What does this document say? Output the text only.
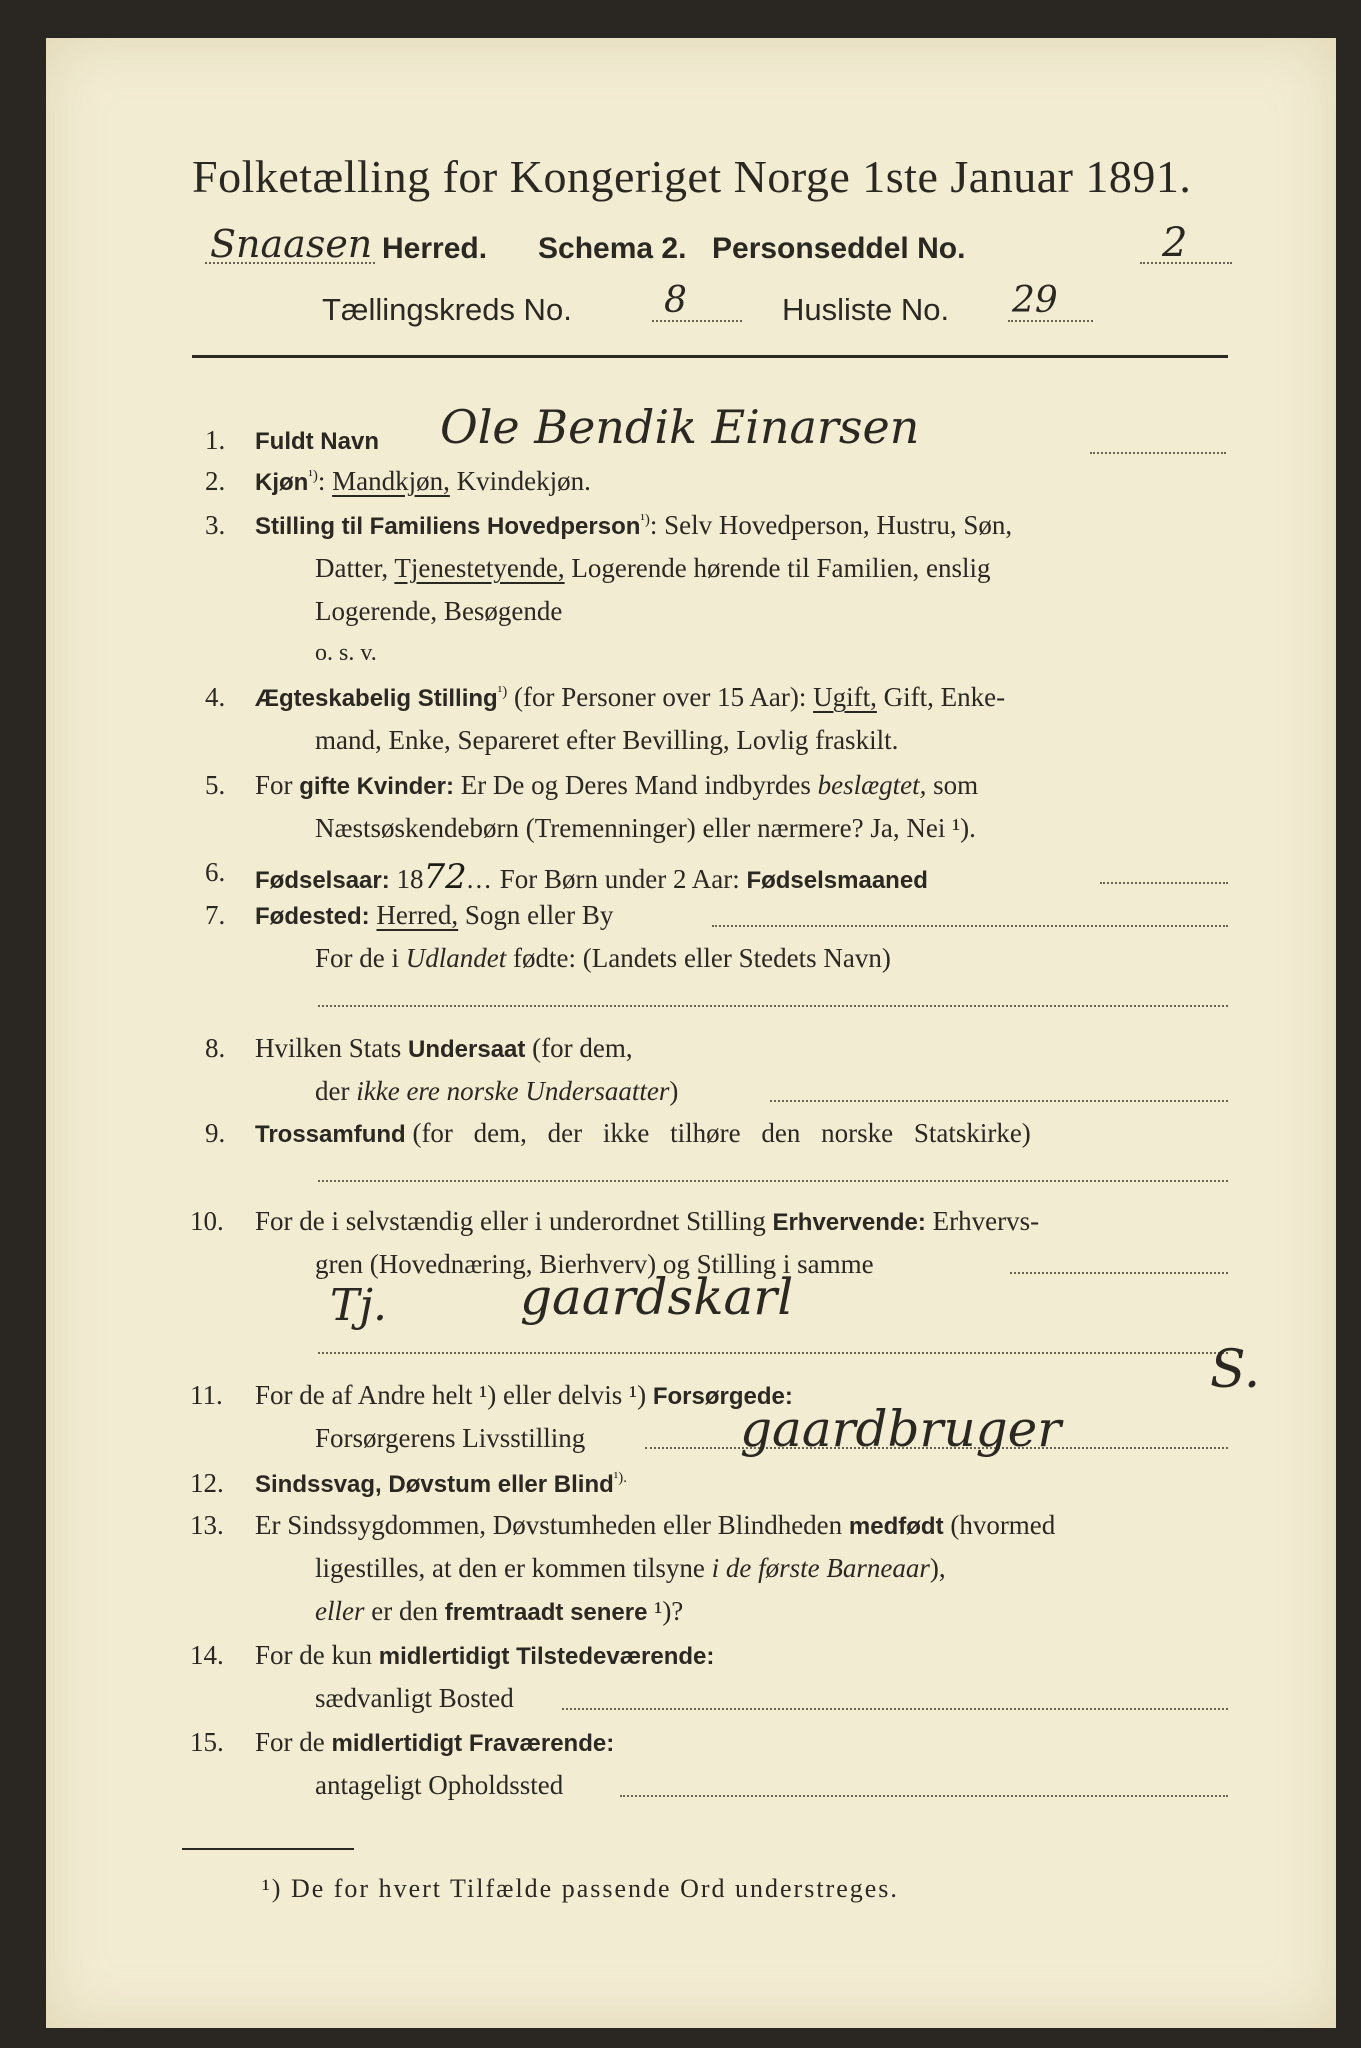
Folketælling for Kongeriget Norge 1ste Januar 1891.
Snaasen Herred. Schema 2. Personseddel No.	2
Tællingskreds No.	8	Husliste No. 29
1. Fuldt Navn Ole Bendik Einarsen
2. Kjøn$^{^1)}$: Mandkjøn, Kvindekjøn.
3. Stilling til Familiens Hovedperson$^{^1)}$: Selv Hovedperson, Hustru, Søn,
Datter, Tjenestetyende, Logerende hørende til Familien, enslig
Logerende, Besøgende
o. s. v.
4. Ægteskabelig Stilling$^{^1)}$ (for Personer over 15 Aar): Ugift, Gift, Enke-
mand, Enke, Separeret efter Bevilling, Lovlig fraskilt.
5. For gifte Kvinder: Er De og Deres Mand indbyrdes beslægtet, som
Næstsøskendebørn (Tremenninger) eller nærmere? Ja, Nei ¹).
6. Fødselsaar: 1872... For Børn under 2 Aar: Fødselsmaaned
7. Fødested: Herred, Sogn eller By
For de i Udlandet fødte: (Landets eller Stedets Navn)
8. Hvilken Stats Undersaat (for dem,
der ikke ere norske Undersaatter)
9. Trossamfund (for dem, der ikke tilhøre den norske Statskirke)
10. For de i selvstændig eller i underordnet Stilling Erhvervende: Erhvervs-
gren (Hovednæring, Bierhverv) og Stilling i samme
Tj.	gaardskarl
11. For de af Andre helt ¹) eller delvis ¹) Forsørgede:	S.
Forsørgerens Livsstilling	gaardbruger
12. Sindssvag, Døvstum eller Blind$^{^1).}$
13. Er Sindssygdommen, Døvstumheden eller Blindheden medfødt (hvormed
ligestilles, at den er kommen tilsyne i de første Barneaar),
eller er den fremtraadt senere ¹)?
14. For de kun midlertidigt Tilstedeværende:
sædvanligt Bosted
15. For de midlertidigt Fraværende:
antageligt Opholdssted
¹) De for hvert Tilfælde passende Ord understreges.
